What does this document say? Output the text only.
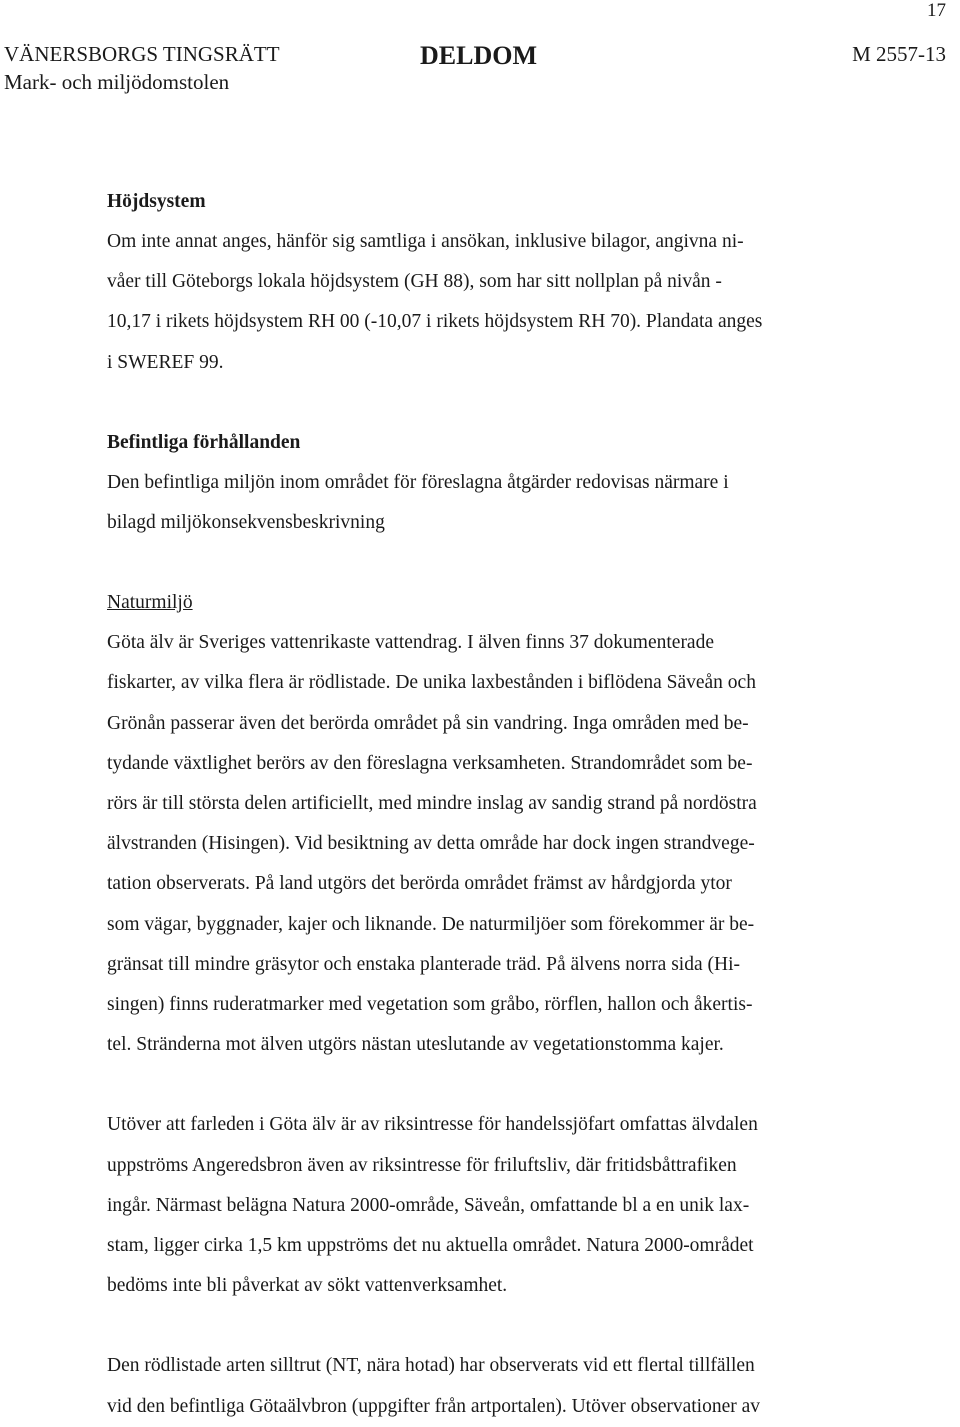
17
VÄNERSBORGS TINGSRÄTT
Mark- och miljödomstolen
DELDOM	M 2557-13

Höjdsystem

Om inte annat anges, hänför sig samtliga i ansökan, inklusive bilagor, angivna ni-

våer till Göteborgs lokala höjdsystem (GH 88), som har sitt nollplan på nivån -

10,17 i rikets höjdsystem RH 00 (-10,07 i rikets höjdsystem RH 70). Plandata anges

i SWEREF 99.

Befintliga förhållanden

Den befintliga miljön inom området för föreslagna åtgärder redovisas närmare i

bilagd miljökonsekvensbeskrivning

Naturmiljö

Göta älv är Sveriges vattenrikaste vattendrag. I älven finns 37 dokumenterade

fiskarter, av vilka flera är rödlistade. De unika laxbestånden i biflödena Säveån och

Grönån passerar även det berörda området på sin vandring. Inga områden med be-

tydande växtlighet berörs av den föreslagna verksamheten. Strandområdet som be-

rörs är till största delen artificiellt, med mindre inslag av sandig strand på nordöstra

älvstranden (Hisingen). Vid besiktning av detta område har dock ingen strandvege-

tation observerats. På land utgörs det berörda området främst av hårdgjorda ytor

som vägar, byggnader, kajer och liknande. De naturmiljöer som förekommer är be-

gränsat till mindre gräsytor och enstaka planterade träd. På älvens norra sida (Hi-

singen) finns ruderatmarker med vegetation som gråbo, rörflen, hallon och åkertis-

tel. Stränderna mot älven utgörs nästan uteslutande av vegetationstomma kajer.

Utöver att farleden i Göta älv är av riksintresse för handelssjöfart omfattas älvdalen

uppströms Angeredsbron även av riksintresse för friluftsliv, där fritidsbåttrafiken

ingår. Närmast belägna Natura 2000-område, Säveån, omfattande bl a en unik lax-

stam, ligger cirka 1,5 km uppströms det nu aktuella området. Natura 2000-området

bedöms inte bli påverkat av sökt vattenverksamhet.

Den rödlistade arten silltrut (NT, nära hotad) har observerats vid ett flertal tillfällen

vid den befintliga Götaälvbron (uppgifter från artportalen). Utöver observationer av
